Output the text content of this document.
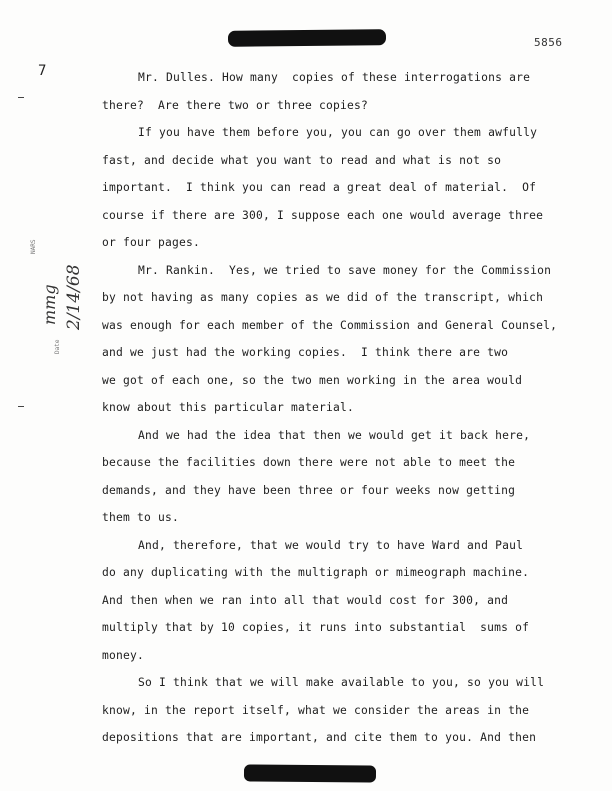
5856
7
NARS
mmg 2/14/68
Date
Mr. Dulles. How many  copies of these interrogations are
there?  Are there two or three copies?
If you have them before you, you can go over them awfully
fast, and decide what you want to read and what is not so
important.  I think you can read a great deal of material.  Of
course if there are 300, I suppose each one would average three
or four pages.
Mr. Rankin.  Yes, we tried to save money for the Commission
by not having as many copies as we did of the transcript, which
was enough for each member of the Commission and General Counsel,
and we just had the working copies.  I think there are two
we got of each one, so the two men working in the area would
know about this particular material.
And we had the idea that then we would get it back here,
because the facilities down there were not able to meet the
demands, and they have been three or four weeks now getting
them to us.
And, therefore, that we would try to have Ward and Paul
do any duplicating with the multigraph or mimeograph machine.
And then when we ran into all that would cost for 300, and
multiply that by 10 copies, it runs into substantial  sums of
money.
So I think that we will make available to you, so you will
know, in the report itself, what we consider the areas in the
depositions that are important, and cite them to you. And then
